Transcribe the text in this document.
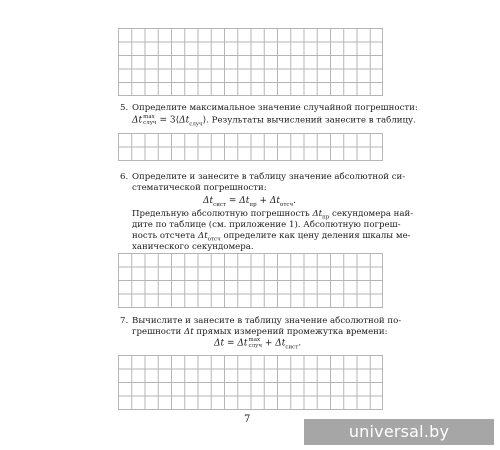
5. Определите максимальное значение случайной погрешности:
Δt max
случ = $3⟨\Delta t_{случ}⟩$. Результаты вычислений занесите в таблицу.
6. Определите и занесите в таблицу значение абсолютной си-
стематической погрешности:
$\Delta t_{сист} = \Delta t_{пр} + \Delta t_{отсч}$.
Предельную абсолютную погрешность $\Delta t_{пр}$ секундомера най-
дите по таблице (см. приложение 1). Абсолютную погреш-
ность отсчета $\Delta t_{отсч}$ определите как цену деления шкалы ме-
ханического секундомера.
7. Вычислите и занесите в таблицу значение абсолютной по-
грешности Δt прямых измерений промежутка времени:
Δt = Δt max
случ + $\Delta t_{сист}$.
7
universal.by
